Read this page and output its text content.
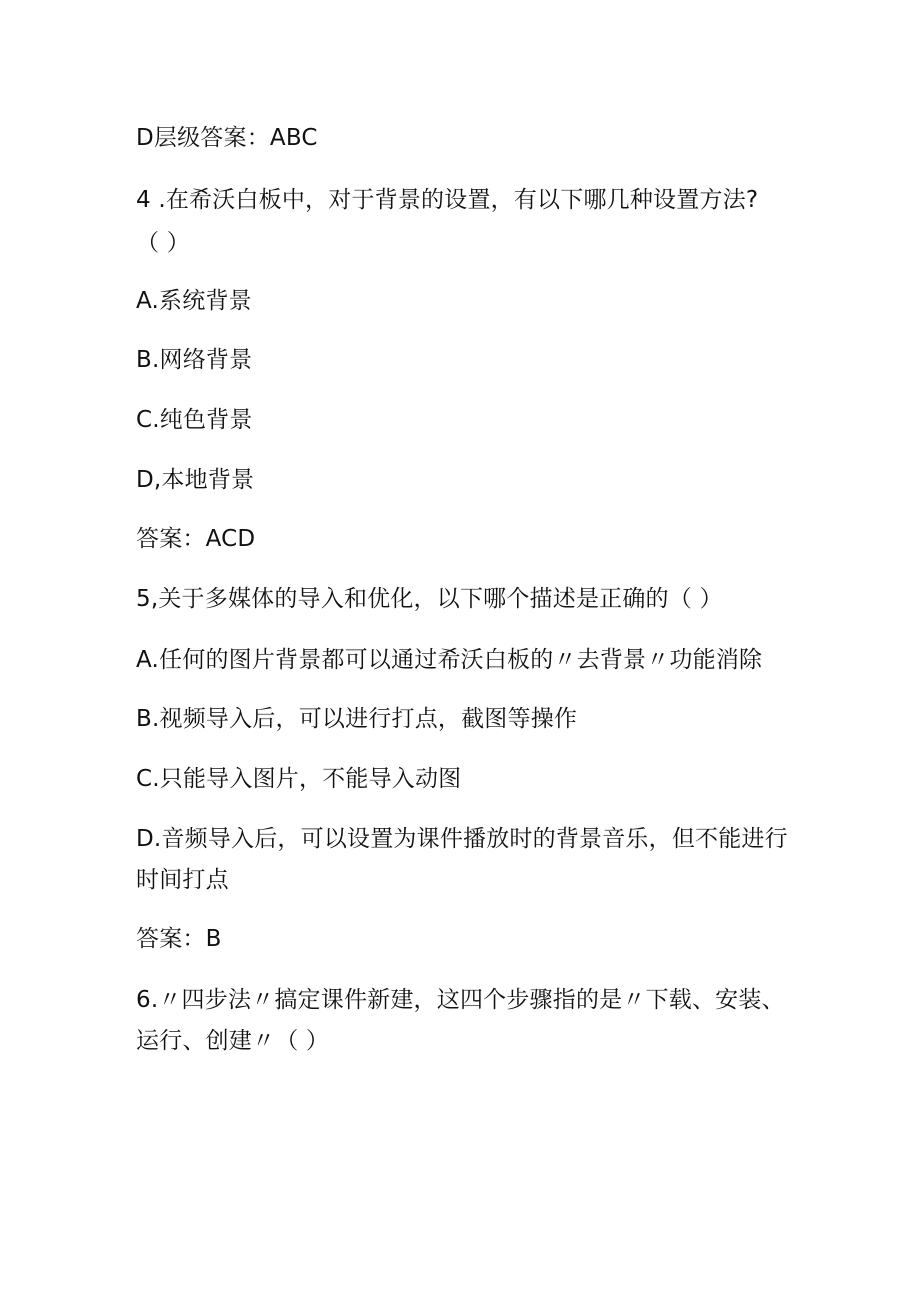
D层级答案：ABC
4 .在希沃白板中，对于背景的设置，有以下哪几种设置方法?
（ ）
A.系统背景
B.网络背景
C.纯色背景
D,本地背景
答案：ACD
5,关于多媒体的导入和优化，以下哪个描述是正确的（ ）
A.任何的图片背景都可以通过希沃白板的〃去背景〃功能消除
B.视频导入后，可以进行打点，截图等操作
C.只能导入图片，不能导入动图
D.音频导入后，可以设置为课件播放时的背景音乐，但不能进行
时间打点
答案：B
6.〃四步法〃搞定课件新建，这四个步骤指的是〃下载、安装、
运行、创建〃（ ）
